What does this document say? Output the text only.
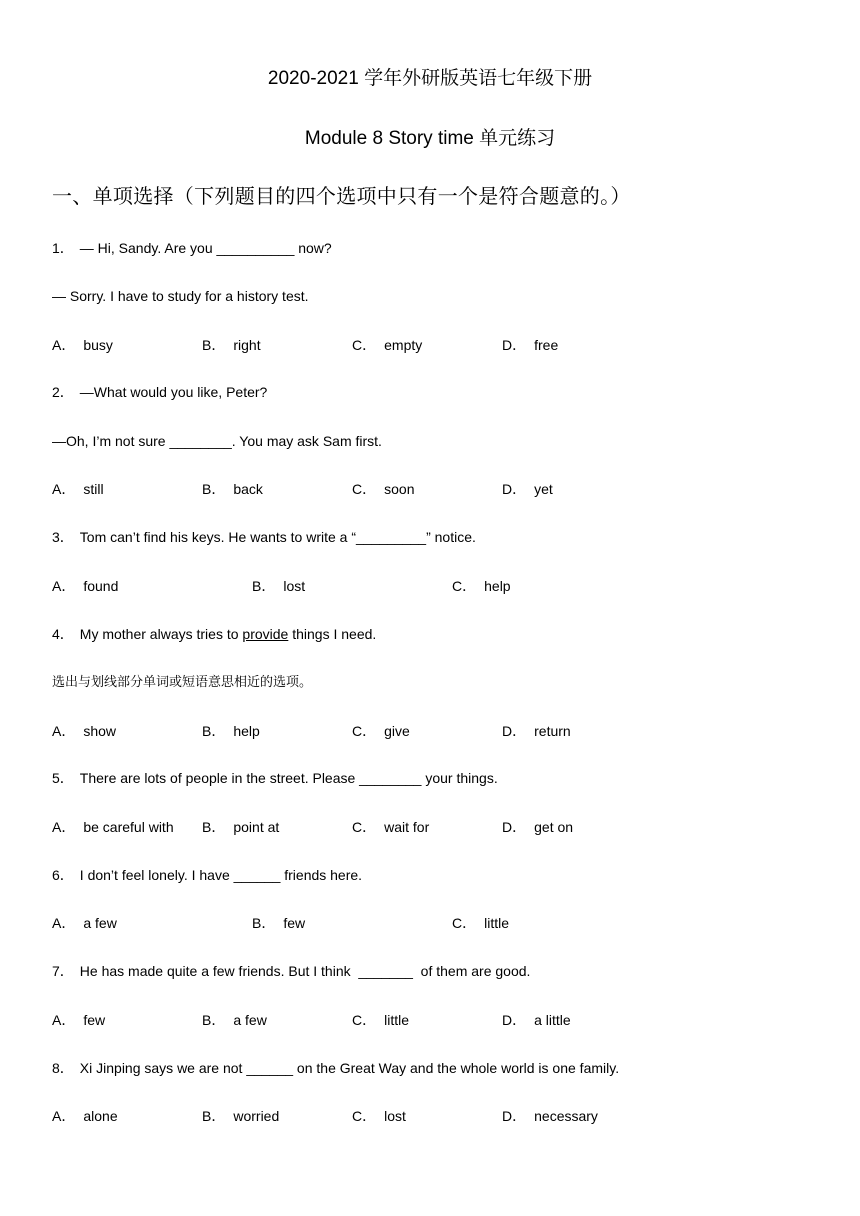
2020-2021 学年外研版英语七年级下册
Module 8 Story time 单元练习
一、单项选择（下列题目的四个选项中只有一个是符合题意的。）
1． — Hi, Sandy. Are you __________ now?
— Sorry. I have to study for a history test.
A． busy	B． right	C． empty	D． free
2． —What would you like, Peter?
—Oh, I’m not sure ________. You may ask Sam first.
A． still	B． back	C． soon	D． yet
3． Tom can’t find his keys. He wants to write a “_________” notice.
A． found	B． lost	C． help
4． My mother always tries to provide things I need.
选出与划线部分单词或短语意思相近的选项。
A． show	B． help	C． give	D． return
5． There are lots of people in the street. Please ________ your things.
A． be careful with B． point at	C． wait for	D． get on
6． I don’t feel lonely. I have ______ friends here.
A． a few	B． few	C． little
7． He has made quite a few friends. But I think  _______  of them are good.
A． few	B． a few	C． little	D． a little
8． Xi Jinping says we are not ______ on the Great Way and the whole world is one family.
A． alone	B． worried	C． lost	D． necessary
